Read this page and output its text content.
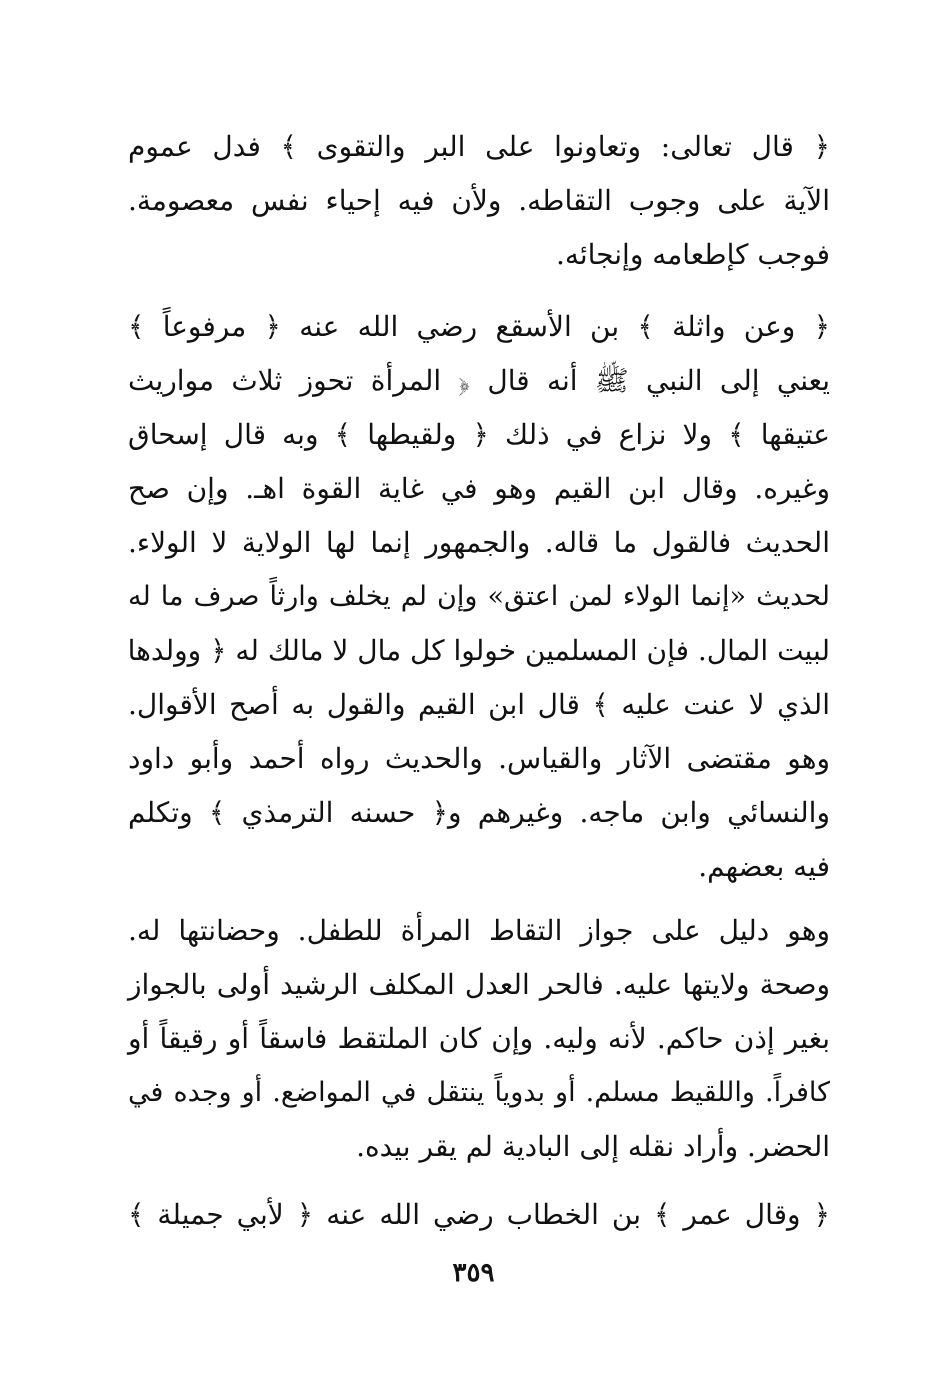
﴿ قال تعالى: وتعاونوا على البر والتقوى ﴾ فدل عموم
الآية على وجوب التقاطه. ولأن فيه إحياء نفس معصومة.
فوجب كإطعامه وإنجائه.
﴿ وعن واثلة ﴾ بن الأسقع رضي الله عنه ﴿ مرفوعاً ﴾
يعني إلى النبي ﷺ أنه قال ﴿ المرأة تحوز ثلاث مواريث
عتيقها ﴾ ولا نزاع في ذلك ﴿ ولقيطها ﴾ وبه قال إسحاق
وغيره. وقال ابن القيم وهو في غاية القوة اهـ. وإن صح
الحديث فالقول ما قاله. والجمهور إنما لها الولاية لا الولاء.
لحديث «إنما الولاء لمن اعتق» وإن لم يخلف وارثاً صرف ما له
لبيت المال. فإن المسلمين خولوا كل مال لا مالك له ﴿ وولدها
الذي لا عنت عليه ﴾ قال ابن القيم والقول به أصح الأقوال.
وهو مقتضى الآثار والقياس. والحديث رواه أحمد وأبو داود
والنسائي وابن ماجه. وغيرهم و﴿ حسنه الترمذي ﴾ وتكلم
فيه بعضهم.
وهو دليل على جواز التقاط المرأة للطفل. وحضانتها له.
وصحة ولايتها عليه. فالحر العدل المكلف الرشيد أولى بالجواز
بغير إذن حاكم. لأنه وليه. وإن كان الملتقط فاسقاً أو رقيقاً أو
كافراً. واللقيط مسلم. أو بدوياً ينتقل في المواضع. أو وجده في
الحضر. وأراد نقله إلى البادية لم يقر بيده.
﴿ وقال عمر ﴾ بن الخطاب رضي الله عنه ﴿ لأبي جميلة ﴾
٣٥٩
